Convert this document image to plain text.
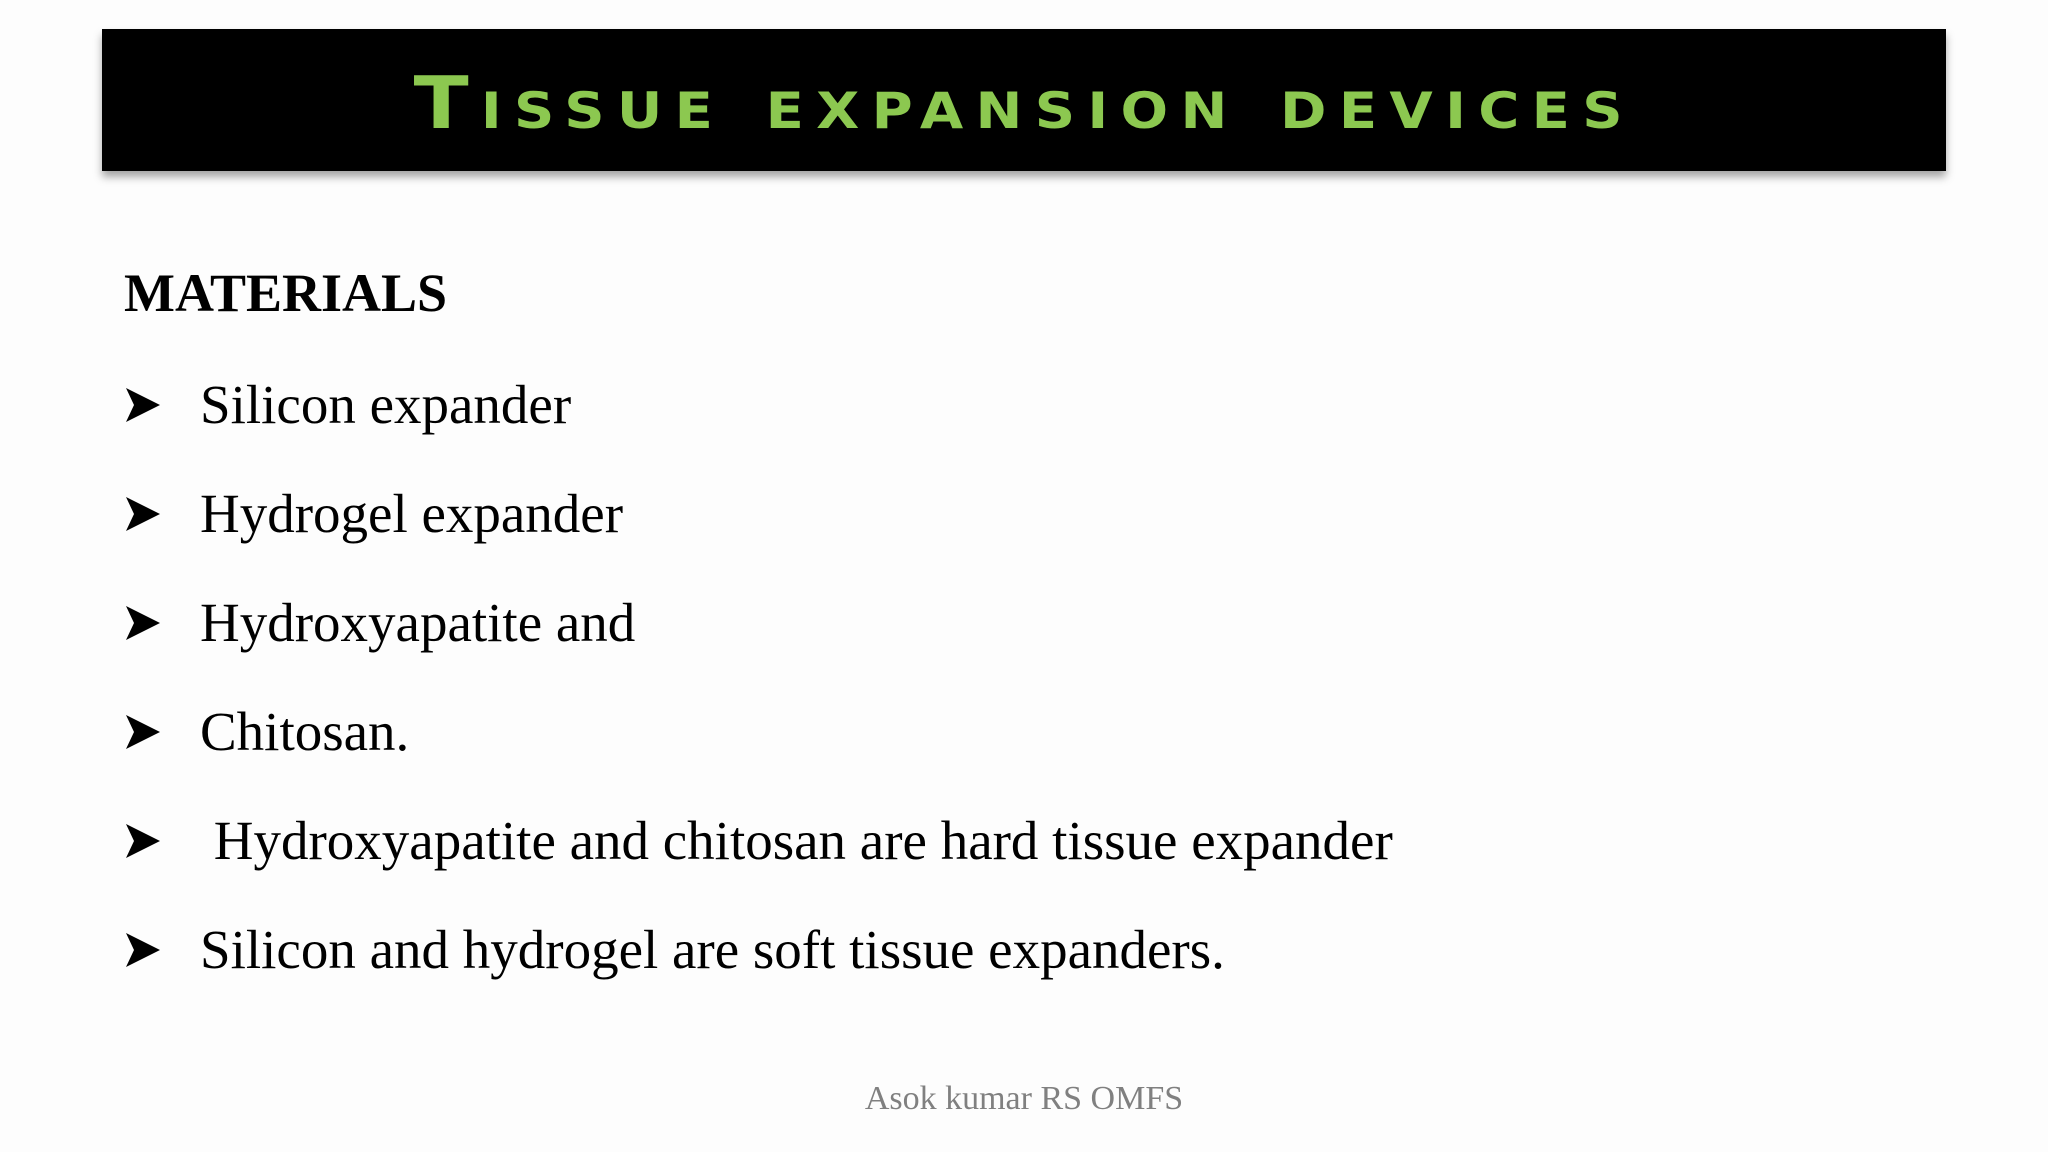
Tissue expansion devices
MATERIALS
Silicon expander
Hydrogel expander
Hydroxyapatite and
Chitosan.
Hydroxyapatite and chitosan are hard tissue expander
Silicon and hydrogel are soft tissue expanders.
Asok kumar RS OMFS
